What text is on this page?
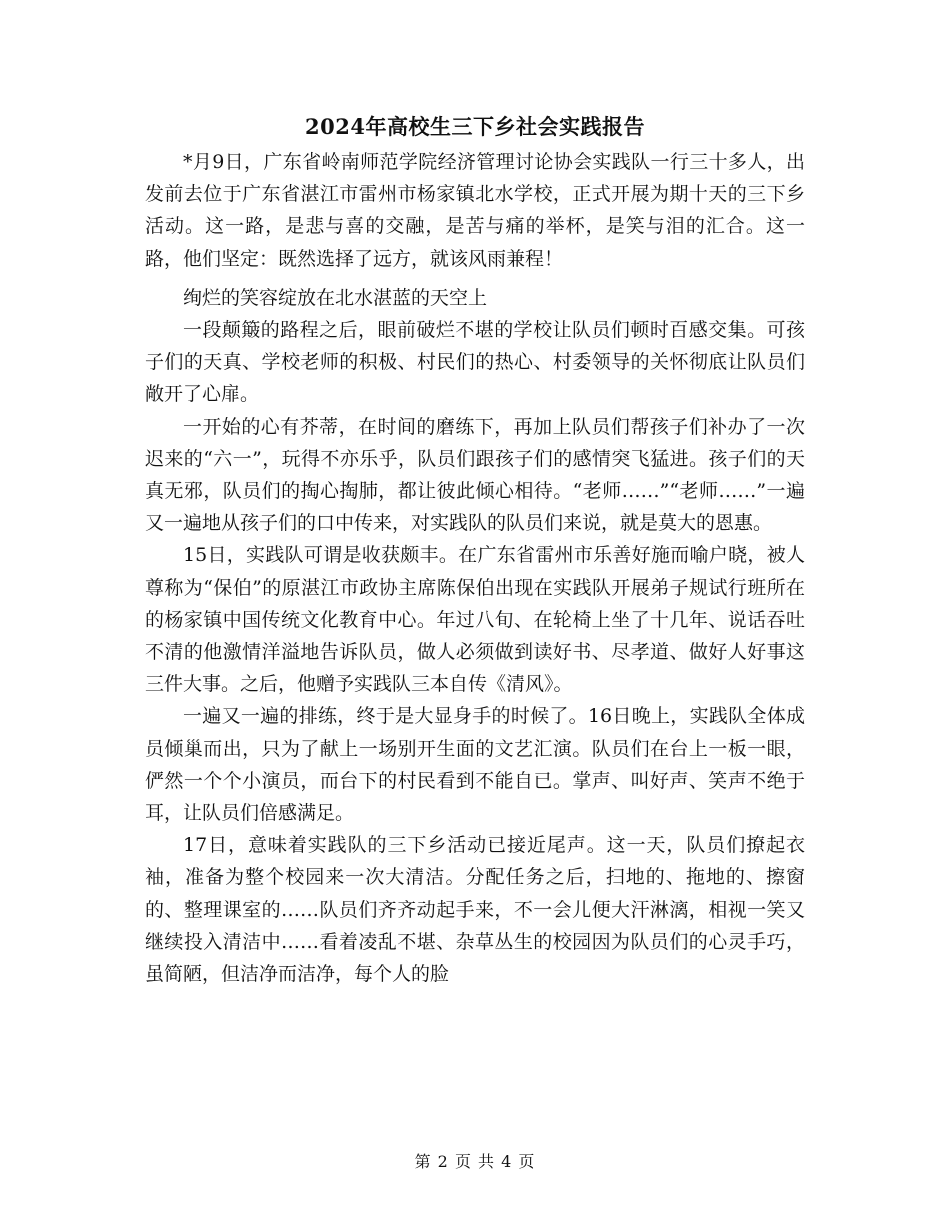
2024年高校生三下乡社会实践报告

*月9日，广东省岭南师范学院经济管理讨论协会实践队一行三十多人，出发前去位于广东省湛江市雷州市杨家镇北水学校，正式开展为期十天的三下乡活动。这一路，是悲与喜的交融，是苦与痛的举杯，是笑与泪的汇合。这一路，他们坚定：既然选择了远方，就该风雨兼程！

绚烂的笑容绽放在北水湛蓝的天空上

一段颠簸的路程之后，眼前破烂不堪的学校让队员们顿时百感交集。可孩子们的天真、学校老师的积极、村民们的热心、村委领导的关怀彻底让队员们敞开了心扉。

一开始的心有芥蒂，在时间的磨练下，再加上队员们帮孩子们补办了一次迟来的“六一”，玩得不亦乐乎，队员们跟孩子们的感情突飞猛进。孩子们的天真无邪，队员们的掏心掏肺，都让彼此倾心相待。“老师……”“老师……”一遍又一遍地从孩子们的口中传来，对实践队的队员们来说，就是莫大的恩惠。

15日，实践队可谓是收获颇丰。在广东省雷州市乐善好施而喻户晓，被人尊称为“保伯”的原湛江市政协主席陈保伯出现在实践队开展弟子规试行班所在的杨家镇中国传统文化教育中心。年过八旬、在轮椅上坐了十几年、说话吞吐不清的他激情洋溢地告诉队员，做人必须做到读好书、尽孝道、做好人好事这三件大事。之后，他赠予实践队三本自传《清风》。

一遍又一遍的排练，终于是大显身手的时候了。16日晚上，实践队全体成员倾巢而出，只为了献上一场别开生面的文艺汇演。队员们在台上一板一眼，俨然一个个小演员，而台下的村民看到不能自已。掌声、叫好声、笑声不绝于耳，让队员们倍感满足。

17日，意味着实践队的三下乡活动已接近尾声。这一天，队员们撩起衣袖，准备为整个校园来一次大清洁。分配任务之后，扫地的、拖地的、擦窗的、整理课室的……队员们齐齐动起手来，不一会儿便大汗淋漓，相视一笑又继续投入清洁中……看着凌乱不堪、杂草丛生的校园因为队员们的心灵手巧，虽简陋，但洁净而洁净，每个人的脸

第 2 页 共 4 页
